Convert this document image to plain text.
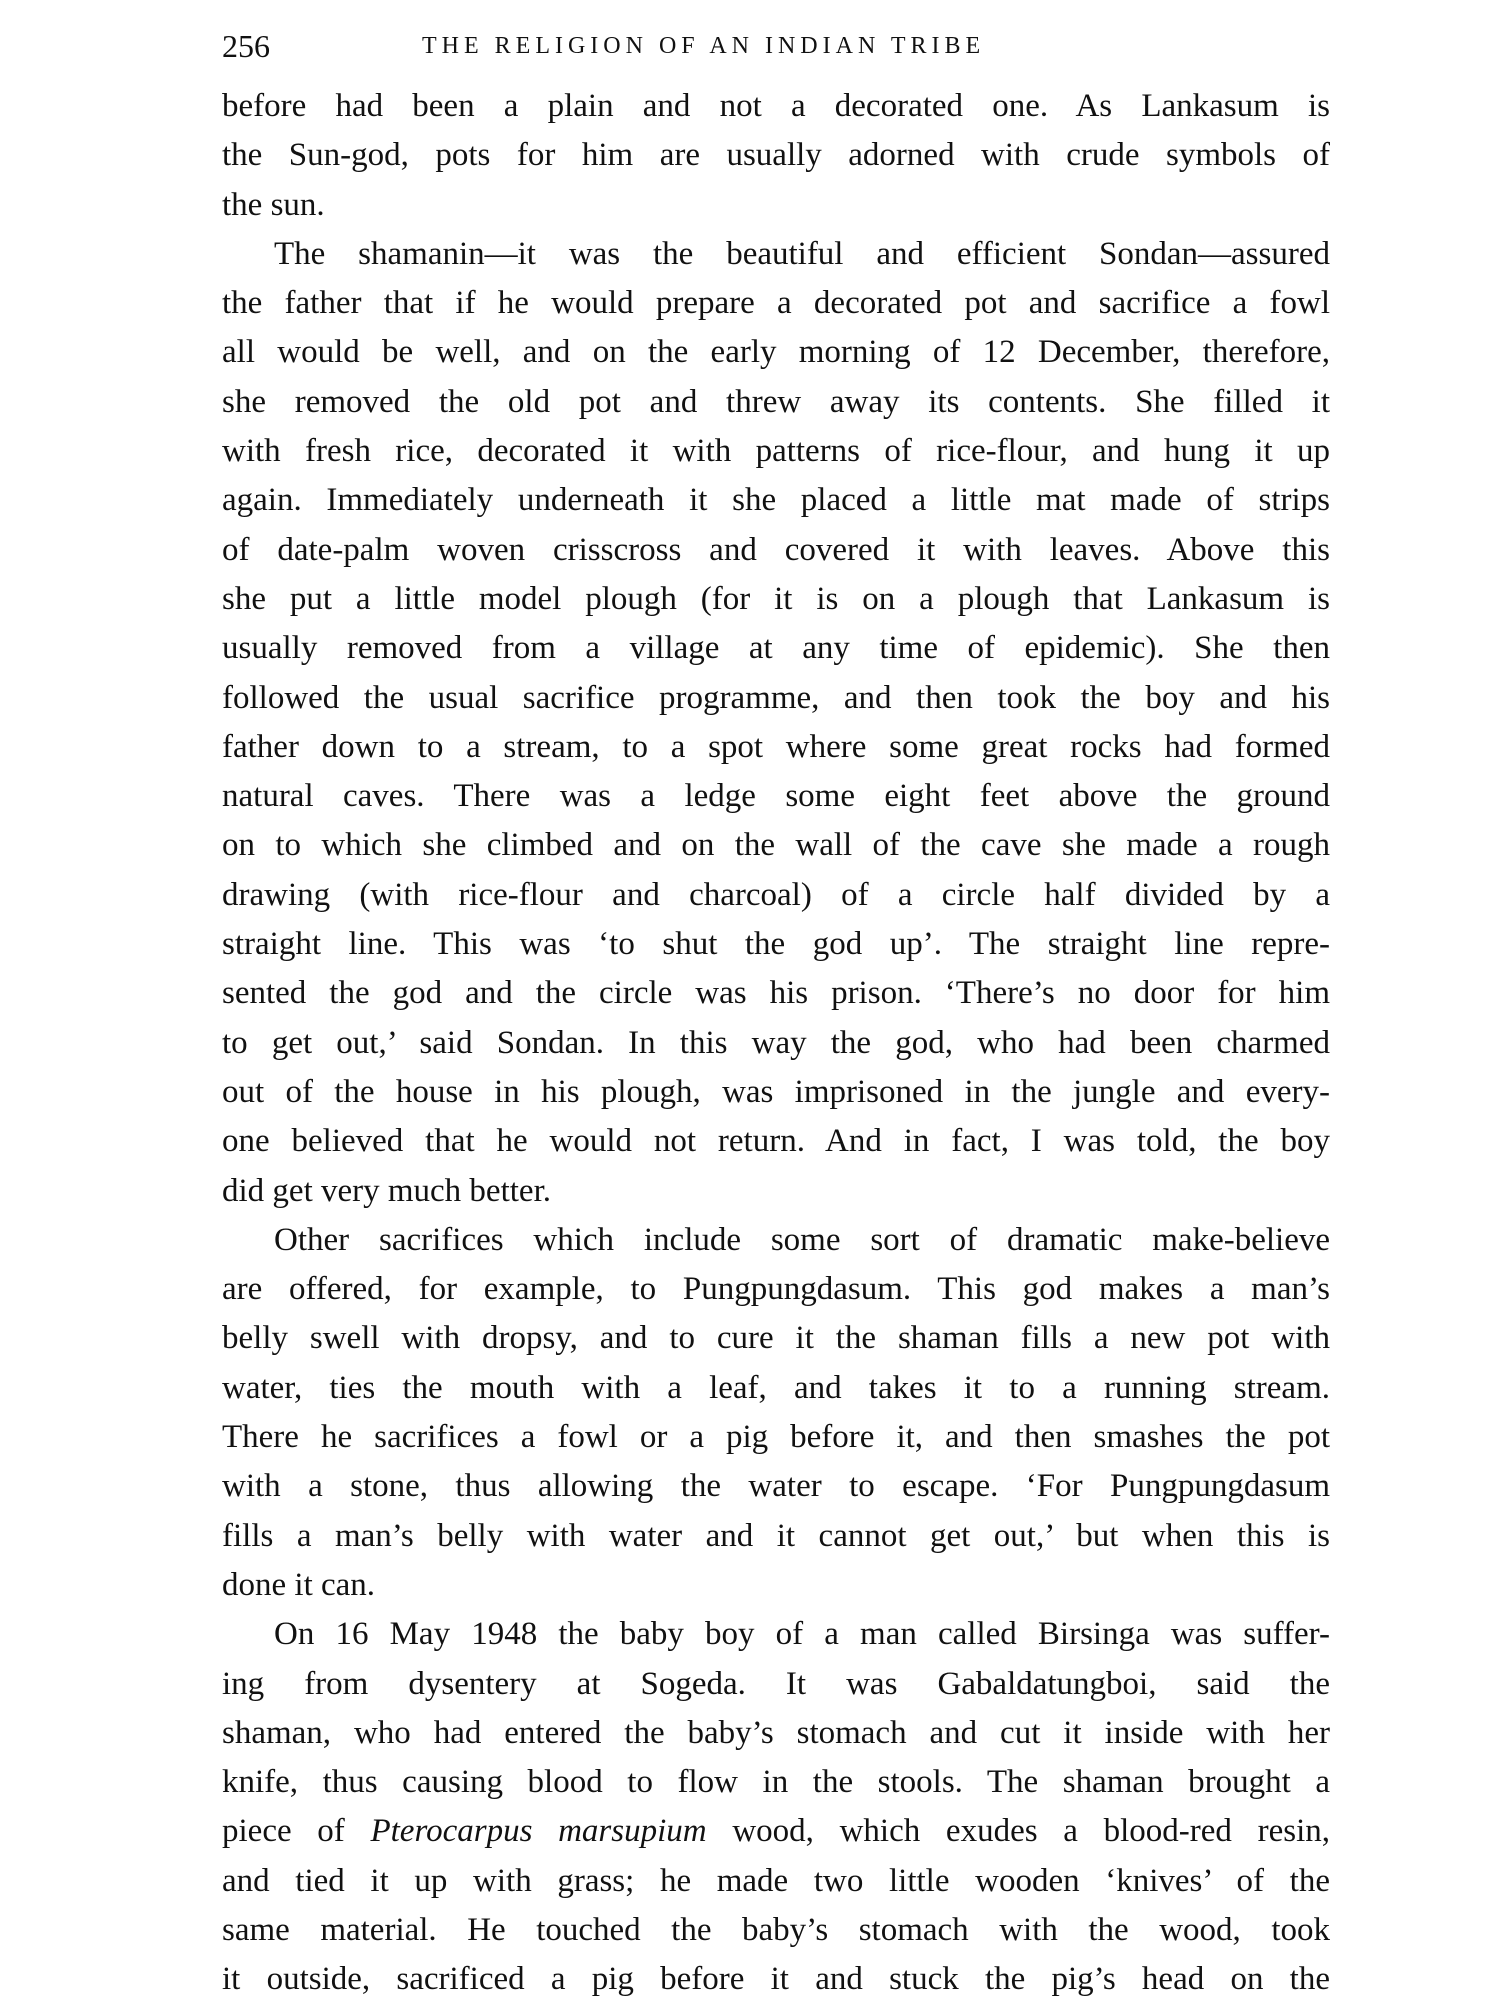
256	THE RELIGION OF AN INDIAN TRIBE
before had been a plain and not a decorated one. As Lankasum is
the Sun-god, pots for him are usually adorned with crude symbols of
the sun.
The shamanin—it was the beautiful and efficient Sondan—assured
the father that if he would prepare a decorated pot and sacrifice a fowl
all would be well, and on the early morning of 12 December, therefore,
she removed the old pot and threw away its contents. She filled it
with fresh rice, decorated it with patterns of rice-flour, and hung it up
again. Immediately underneath it she placed a little mat made of strips
of date-palm woven crisscross and covered it with leaves. Above this
she put a little model plough (for it is on a plough that Lankasum is
usually removed from a village at any time of epidemic). She then
followed the usual sacrifice programme, and then took the boy and his
father down to a stream, to a spot where some great rocks had formed
natural caves. There was a ledge some eight feet above the ground
on to which she climbed and on the wall of the cave she made a rough
drawing (with rice-flour and charcoal) of a circle half divided by a
straight line. This was ‘to shut the god up’. The straight line repre-
sented the god and the circle was his prison. ‘There’s no door for him
to get out,’ said Sondan. In this way the god, who had been charmed
out of the house in his plough, was imprisoned in the jungle and every-
one believed that he would not return. And in fact, I was told, the boy
did get very much better.
Other sacrifices which include some sort of dramatic make-believe
are offered, for example, to Pungpungdasum. This god makes a man’s
belly swell with dropsy, and to cure it the shaman fills a new pot with
water, ties the mouth with a leaf, and takes it to a running stream.
There he sacrifices a fowl or a pig before it, and then smashes the pot
with a stone, thus allowing the water to escape. ‘For Pungpungdasum
fills a man’s belly with water and it cannot get out,’ but when this is
done it can.
On 16 May 1948 the baby boy of a man called Birsinga was suffer-
ing from dysentery at Sogeda. It was Gabaldatungboi, said the
shaman, who had entered the baby’s stomach and cut it inside with her
knife, thus causing blood to flow in the stools. The shaman brought a
piece of Pterocarpus marsupium wood, which exudes a blood-red resin,
and tied it up with grass; he made two little wooden ‘knives’ of the
same material. He touched the baby’s stomach with the wood, took
it outside, sacrificed a pig before it and stuck the pig’s head on the
